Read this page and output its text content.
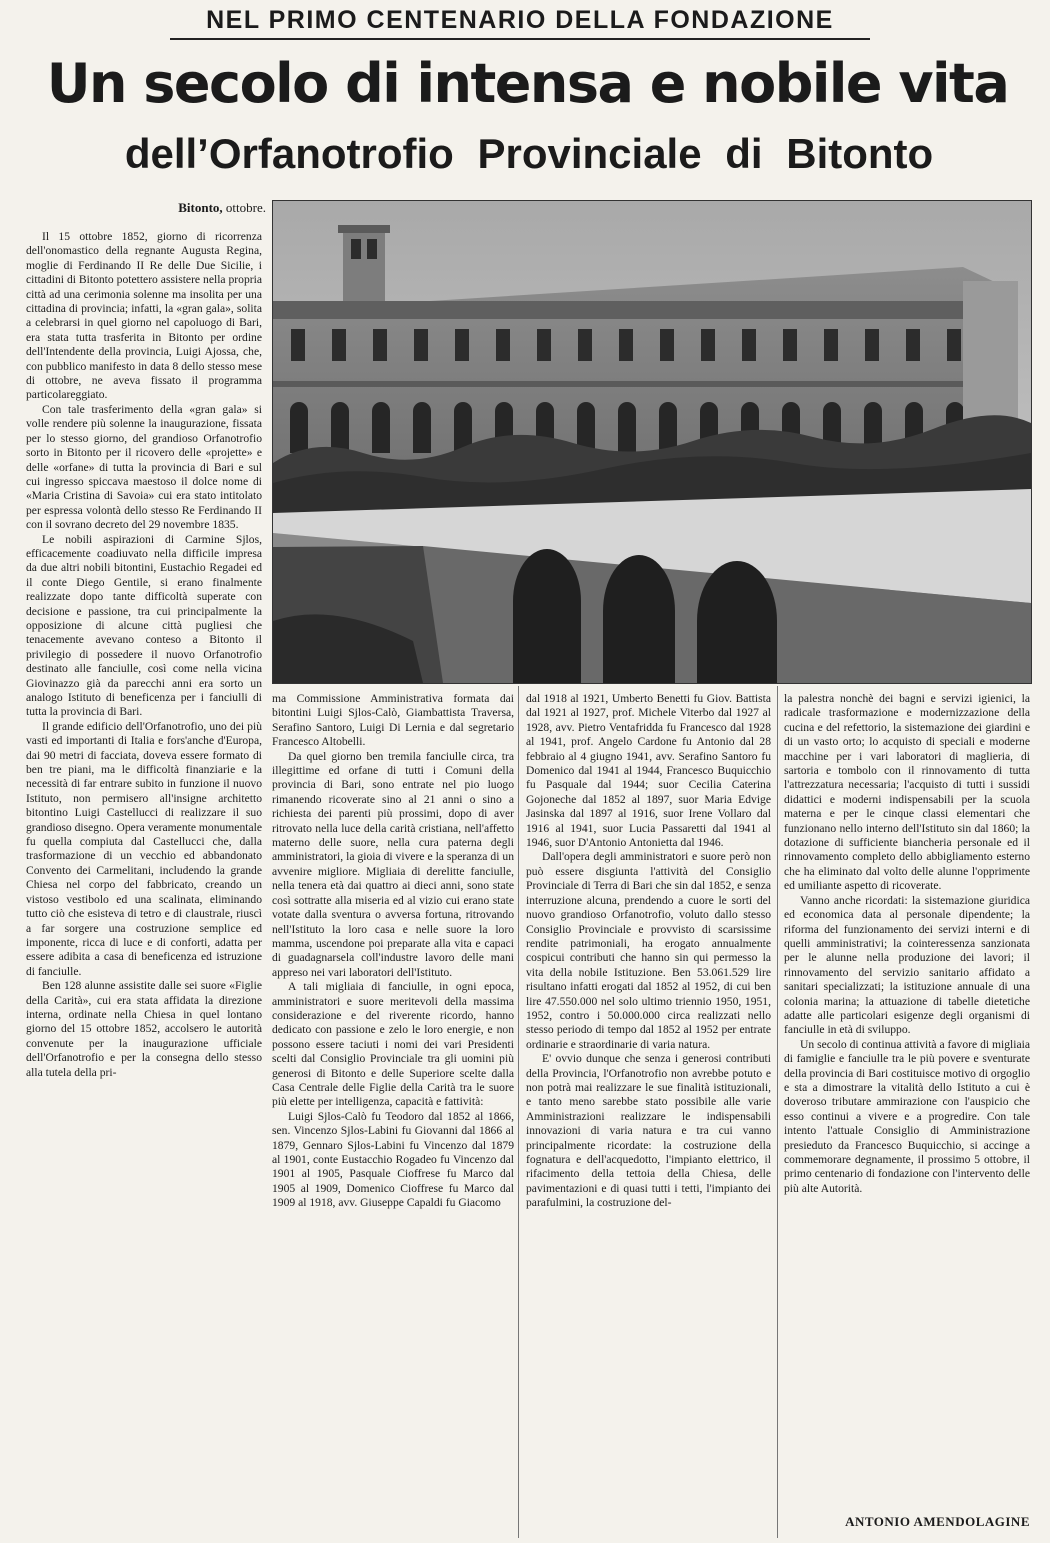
NEL PRIMO CENTENARIO DELLA FONDAZIONE
Un secolo di intensa e nobile vita
dell’Orfanotrofio Provinciale di Bitonto
Bitonto, ottobre.

Il 15 ottobre 1852, giorno di ricorrenza dell'onomastico della regnante Augusta Regina, moglie di Ferdinando II Re delle Due Sicilie, i cittadini di Bitonto potettero assistere nella propria città ad una cerimonia solenne ma insolita per una cittadina di provincia; infatti, la «gran gala», solita a celebrarsi in quel giorno nel capoluogo di Bari, era stata tutta trasferita in Bitonto per ordine dell'Intendente della provincia, Luigi Ajossa, che, con pubblico manifesto in data 8 dello stesso mese di ottobre, ne aveva fissato il programma particolareggiato.

Con tale trasferimento della «gran gala» si volle rendere più solenne la inaugurazione, fissata per lo stesso giorno, del grandioso Orfanotrofio sorto in Bitonto per il ricovero delle «projette» e delle «orfane» di tutta la provincia di Bari e sul cui ingresso spiccava maestoso il dolce nome di «Maria Cristina di Savoia» cui era stato intitolato per espressa volontà dello stesso Re Ferdinando II con il sovrano decreto del 29 novembre 1835.

Le nobili aspirazioni di Carmine Sjlos, efficacemente coadiuvato nella difficile impresa da due altri nobili bitontini, Eustachio Regadei ed il conte Diego Gentile, si erano finalmente realizzate dopo tante difficoltà superate con decisione e passione, tra cui principalmente la opposizione di alcune città pugliesi che tenacemente avevano conteso a Bitonto il privilegio di possedere il nuovo Orfanotrofio destinato alle fanciulle, così come nella vicina Giovinazzo già da parecchi anni era sorto un analogo Istituto di beneficenza per i fanciulli di tutta la provincia di Bari.

Il grande edificio dell'Orfanotrofio, uno dei più vasti ed importanti di Italia e fors'anche d'Europa, dai 90 metri di facciata, doveva essere formato di ben tre piani, ma le difficoltà finanziarie e la necessità di far entrare subito in funzione il nuovo Istituto, non permisero all'insigne architetto bitontino Luigi Castellucci di realizzare il suo grandioso disegno. Opera veramente monumentale fu quella compiuta dal Castellucci che, dalla trasformazione di un vecchio ed abbandonato Convento dei Carmelitani, includendo la grande Chiesa nel corpo del fabbricato, creando un vistoso vestibolo ed una scalinata, eliminando tutto ciò che esisteva di tetro e di claustrale, riuscì a far sorgere una costruzione semplice ed imponente, ricca di luce e di conforti, adatta per essere adibita a casa di beneficenza ed istruzione di fanciulle.

Ben 128 alunne assistite dalle sei suore «Figlie della Carità», cui era stata affidata la direzione interna, ordinate nella Chiesa in quel lontano giorno del 15 ottobre 1852, accolsero le autorità convenute per la inaugurazione ufficiale dell'Orfanotrofio e per la consegna dello stesso alla tutela della pri-

ma Commissione Amministrativa formata dai bitontini Luigi Sjlos-Calò, Giambattista Traversa, Serafino Santoro, Luigi Di Lernia e dal segretario Francesco Altobelli.

Da quel giorno ben tremila fanciulle circa, tra illegittime ed orfane di tutti i Comuni della provincia di Bari, sono entrate nel pio luogo rimanendo ricoverate sino al 21 anni o sino a richiesta dei parenti più prossimi, dopo di aver ritrovato nella luce della carità cristiana, nell'affetto materno delle suore, nella cura paterna degli amministratori, la gioia di vivere e la speranza di un avvenire migliore. Migliaia di derelitte fanciulle, nella tenera età dai quattro ai dieci anni, sono state così sottratte alla miseria ed al vizio cui erano state votate dalla sventura o avversa fortuna, ritrovando nell'Istituto la loro casa e nelle suore la loro mamma, uscendone poi preparate alla vita e capaci di guadagnarsela coll'industre lavoro delle mani appreso nei vari laboratori dell'Istituto.

A tali migliaia di fanciulle, in ogni epoca, amministratori e suore meritevoli della massima considerazione e del riverente ricordo, hanno dedicato con passione e zelo le loro energie, e non possono essere taciuti i nomi dei vari Presidenti scelti dal Consiglio Provinciale tra gli uomini più generosi di Bitonto e delle Superiore scelte dalla Casa Centrale delle Figlie della Carità tra le suore più elette per intelligenza, capacità e fattività:

Luigi Sjlos-Calò fu Teodoro dal 1852 al 1866, sen. Vincenzo Sjlos-Labini fu Giovanni dal 1866 al 1879, Gennaro Sjlos-Labini fu Vincenzo dal 1879 al 1901, conte Eustacchio Rogadeo fu Vincenzo dal 1901 al 1905, Pasquale Cioffrese fu Marco dal 1905 al 1909, Domenico Cioffrese fu Marco dal 1909 al 1918, avv. Giuseppe Capaldi fu Giacomo

dal 1918 al 1921, Umberto Benetti fu Giov. Battista dal 1921 al 1927, prof. Michele Viterbo dal 1927 al 1928, avv. Pietro Ventafridda fu Francesco dal 1928 al 1941, prof. Angelo Cardone fu Antonio dal 28 febbraio al 4 giugno 1941, avv. Serafino Santoro fu Domenico dal 1941 al 1944, Francesco Buquicchio fu Pasquale dal 1944; suor Cecilia Caterina Gojoneche dal 1852 al 1897, suor Maria Edvige Jasinska dal 1897 al 1916, suor Irene Vollaro dal 1916 al 1941, suor Lucia Passaretti dal 1941 al 1946, suor D'Antonio Antonietta dal 1946.

Dall'opera degli amministratori e suore però non può essere disgiunta l'attività del Consiglio Provinciale di Terra di Bari che sin dal 1852, e senza interruzione alcuna, prendendo a cuore le sorti del nuovo grandioso Orfanotrofio, voluto dallo stesso Consiglio Provinciale e provvisto di scarsissime rendite patrimoniali, ha erogato annualmente cospicui contributi che hanno sin qui permesso la vita della nobile Istituzione. Ben 53.061.529 lire risultano infatti erogati dal 1852 al 1952, di cui ben lire 47.550.000 nel solo ultimo triennio 1950, 1951, 1952, contro i 50.000.000 circa realizzati nello stesso periodo di tempo dal 1852 al 1952 per entrate ordinarie e straordinarie di varia natura.

E' ovvio dunque che senza i generosi contributi della Provincia, l'Orfanotrofio non avrebbe potuto e non potrà mai realizzare le sue finalità istituzionali, e tanto meno sarebbe stato possibile alle varie Amministrazioni realizzare le indispensabili innovazioni di varia natura e tra cui vanno principalmente ricordate: la costruzione della fognatura e dell'acquedotto, l'impianto elettrico, il rifacimento della tettoia della Chiesa, delle pavimentazioni e di quasi tutti i tetti, l'impianto dei parafulmini, la costruzione del-

la palestra nonchè dei bagni e servizi igienici, la radicale trasformazione e modernizzazione della cucina e del refettorio, la sistemazione dei giardini e di un vasto orto; lo acquisto di speciali e moderne macchine per i vari laboratori di maglieria, di sartoria e tombolo con il rinnovamento di tutta l'attrezzatura necessaria; l'acquisto di tutti i sussidi didattici e moderni indispensabili per la scuola materna e per le cinque classi elementari che funzionano nello interno dell'Istituto sin dal 1860; la dotazione di sufficiente biancheria personale ed il rinnovamento completo dello abbigliamento esterno che ha eliminato dal volto delle alunne l'opprimente ed umiliante aspetto di ricoverate.

Vanno anche ricordati: la sistemazione giuridica ed economica data al personale dipendente; la riforma del funzionamento dei servizi interni e di quelli amministrativi; la cointeressenza sanzionata per le alunne nella produzione dei lavori; il rinnovamento del servizio sanitario affidato a sanitari specializzati; la istituzione annuale di una colonia marina; la attuazione di tabelle dietetiche adatte alle particolari esigenze degli organismi di fanciulle in età di sviluppo.

Un secolo di continua attività a favore di migliaia di famiglie e fanciulle tra le più povere e sventurate della provincia di Bari costituisce motivo di orgoglio e sta a dimostrare la vitalità dello Istituto a cui è doveroso tributare ammirazione con l'auspicio che esso continui a vivere e a progredire. Con tale intento l'attuale Consiglio di Amministrazione presieduto da Francesco Buquicchio, si accinge a commemorare degnamente, il prossimo 5 ottobre, il primo centenario di fondazione con l'intervento delle più alte Autorità.

ANTONIO AMENDOLAGINE
